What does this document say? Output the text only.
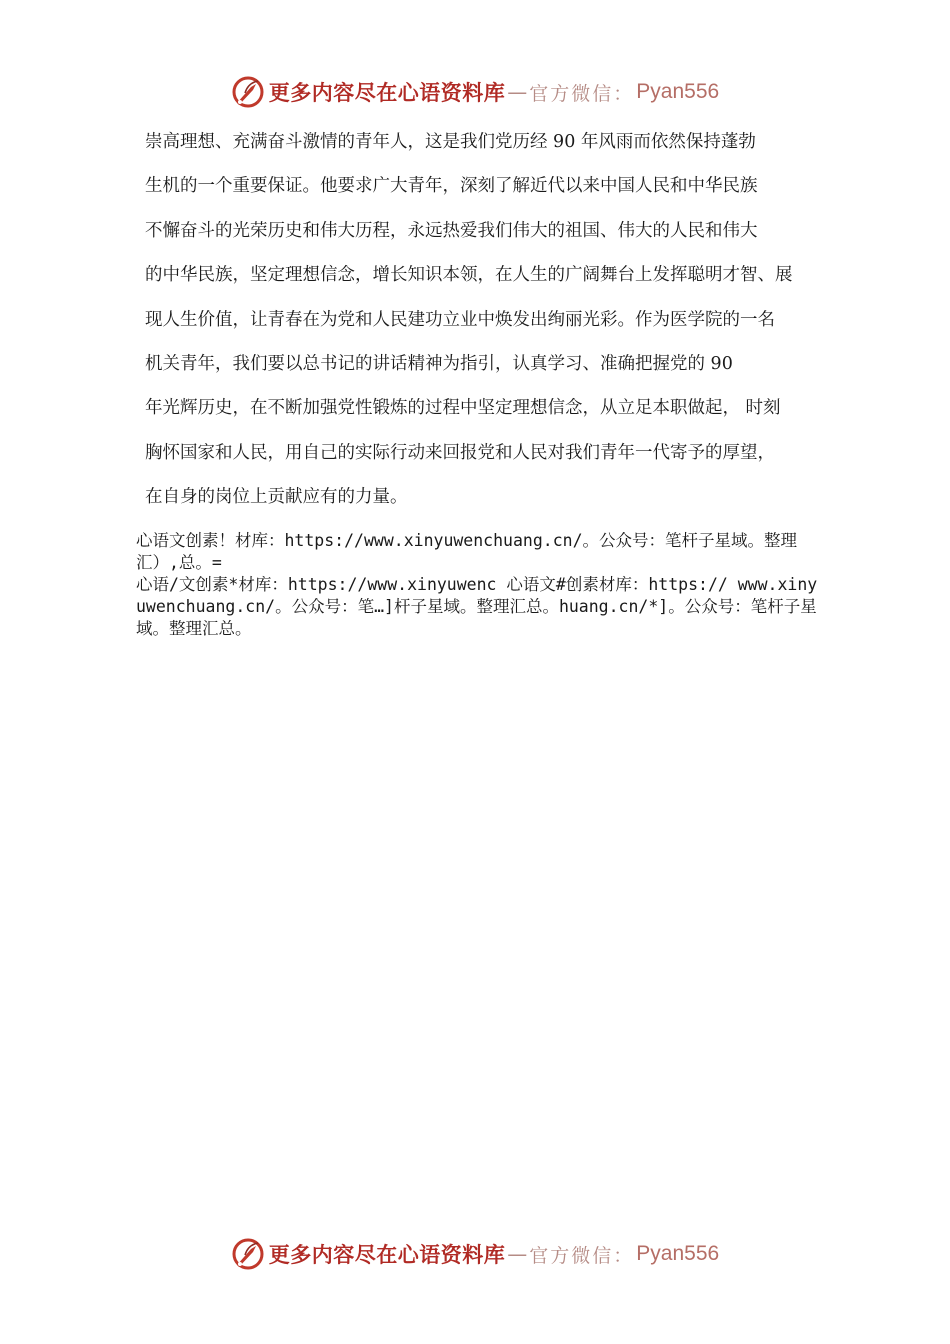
更多内容尽在心语资料库 — 官方微信： Pyan556
崇高理想、充满奋斗激情的青年人，这是我们党历经 90 年风雨而依然保持蓬勃
生机的一个重要保证。他要求广大青年，深刻了解近代以来中国人民和中华民族
不懈奋斗的光荣历史和伟大历程，永远热爱我们伟大的祖国、伟大的人民和伟大
的中华民族，坚定理想信念，增长知识本领，在人生的广阔舞台上发挥聪明才智、展
现人生价值，让青春在为党和人民建功立业中焕发出绚丽光彩。作为医学院的一名
机关青年，我们要以总书记的讲话精神为指引，认真学习、准确把握党的 90
年光辉历史，在不断加强党性锻炼的过程中坚定理想信念，从立足本职做起， 时刻
胸怀国家和人民，用自己的实际行动来回报党和人民对我们青年一代寄予的厚望，
在自身的岗位上贡献应有的力量。

心语文创素！材库：https://www.xinyuwenchuang.cn/。公众号：笔杆子星域。整理汇）,总。=

心语/文创素*材库：https://www.xinyuwenc 心语文#创素材库：https:// www.xinyuwenchuang.cn/。公众号：笔…]杆子星域。整理汇总。huang.cn/*]。公众号：笔杆子星域。整理汇总。

更多内容尽在心语资料库 — 官方微信： Pyan556
